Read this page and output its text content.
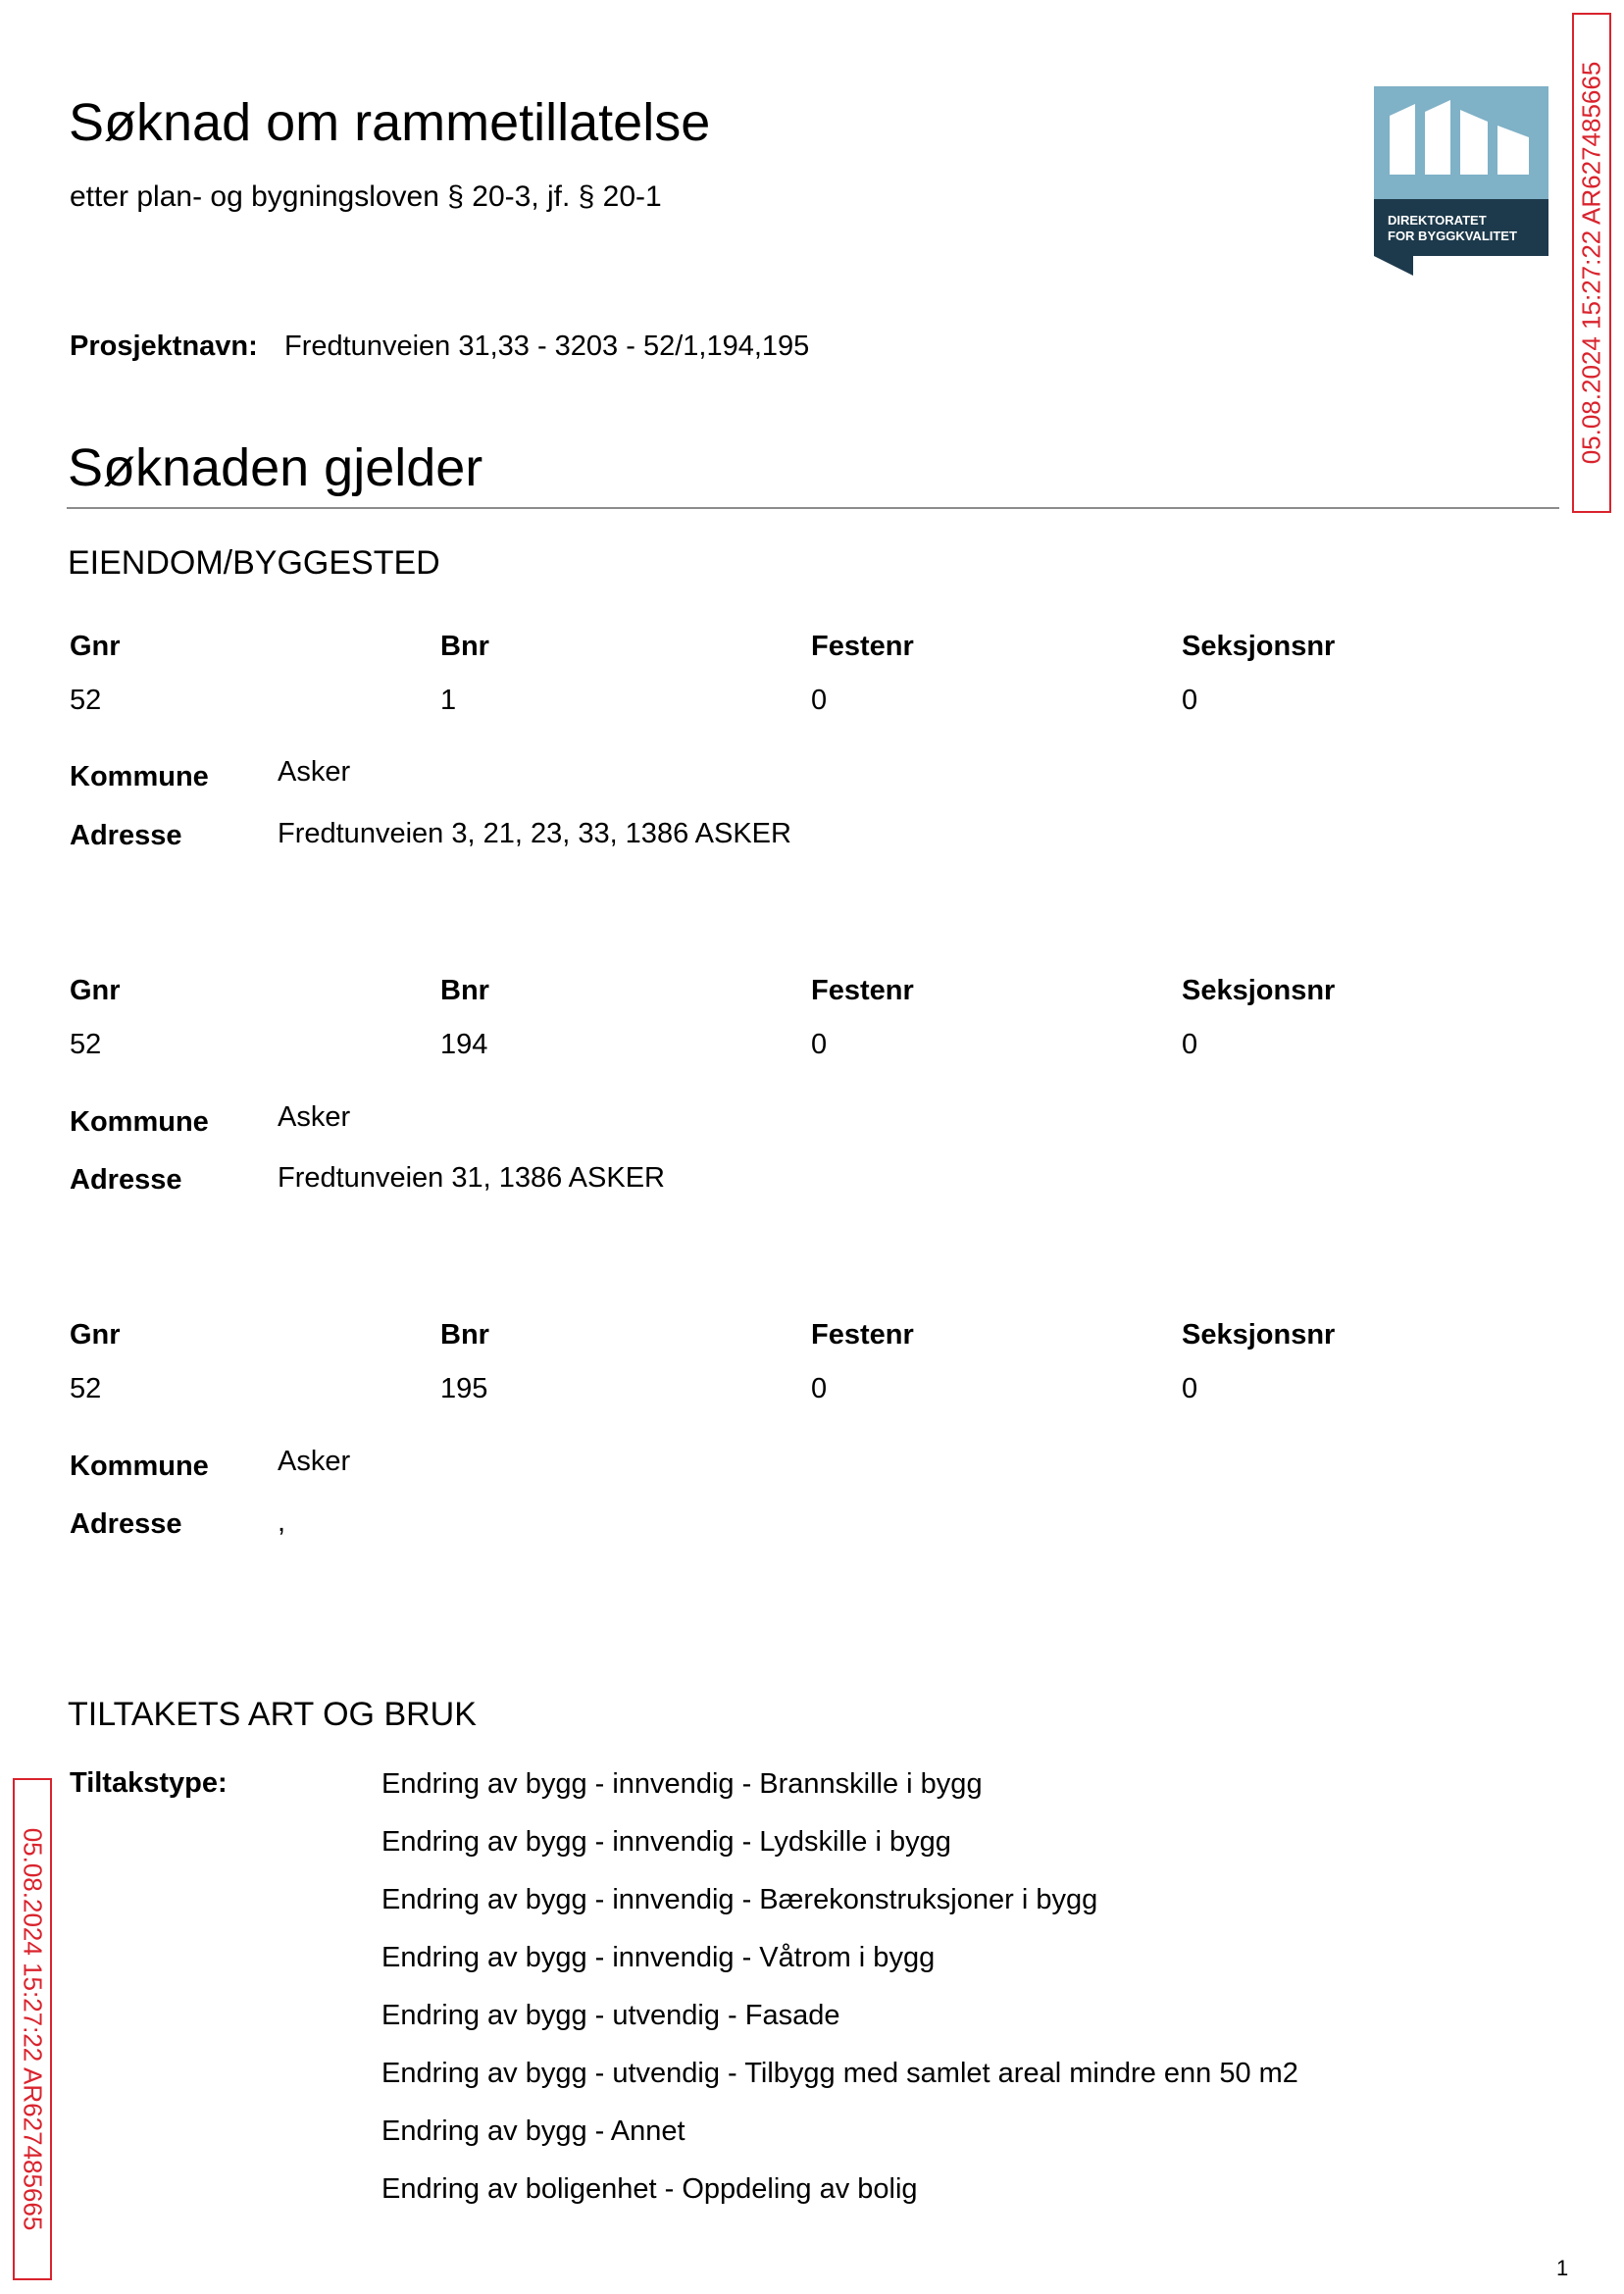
Søknad om rammetillatelse
etter plan- og bygningsloven § 20-3, jf. § 20-1
DIREKTORATET
FOR BYGGKVALITET 05.08.2024 15:27:22 AR627485665
Prosjektnavn: Fredtunveien 31,33 - 3203 - 52/1,194,195
Søknaden gjelder
EIENDOM/BYGGESTED
Gnr	Bnr	Festenr	Seksjonsnr
52	1	0	0
Kommune Asker
Adresse	Fredtunveien 3, 21, 23, 33, 1386 ASKER
Gnr	Bnr	Festenr	Seksjonsnr
52	194	0	0
Kommune Asker
Adresse	Fredtunveien 31, 1386 ASKER
Gnr	Bnr	Festenr	Seksjonsnr
52	195	0	0
Kommune Asker
Adresse	,
TILTAKETS ART OG BRUK
Tiltakstype:	Endring av bygg - innvendig - Brannskille i bygg
Endring av bygg - innvendig - Lydskille i bygg
Endring av bygg - innvendig - Bærekonstruksjoner i bygg
Endring av bygg - innvendig - Våtrom i bygg
Endring av bygg - utvendig - Fasade
Endring av bygg - utvendig - Tilbygg med samlet areal mindre enn 50 m2
Endring av bygg - Annet
Endring av boligenhet - Oppdeling av bolig
05.08.2024 15:27:22 AR627485665
1
